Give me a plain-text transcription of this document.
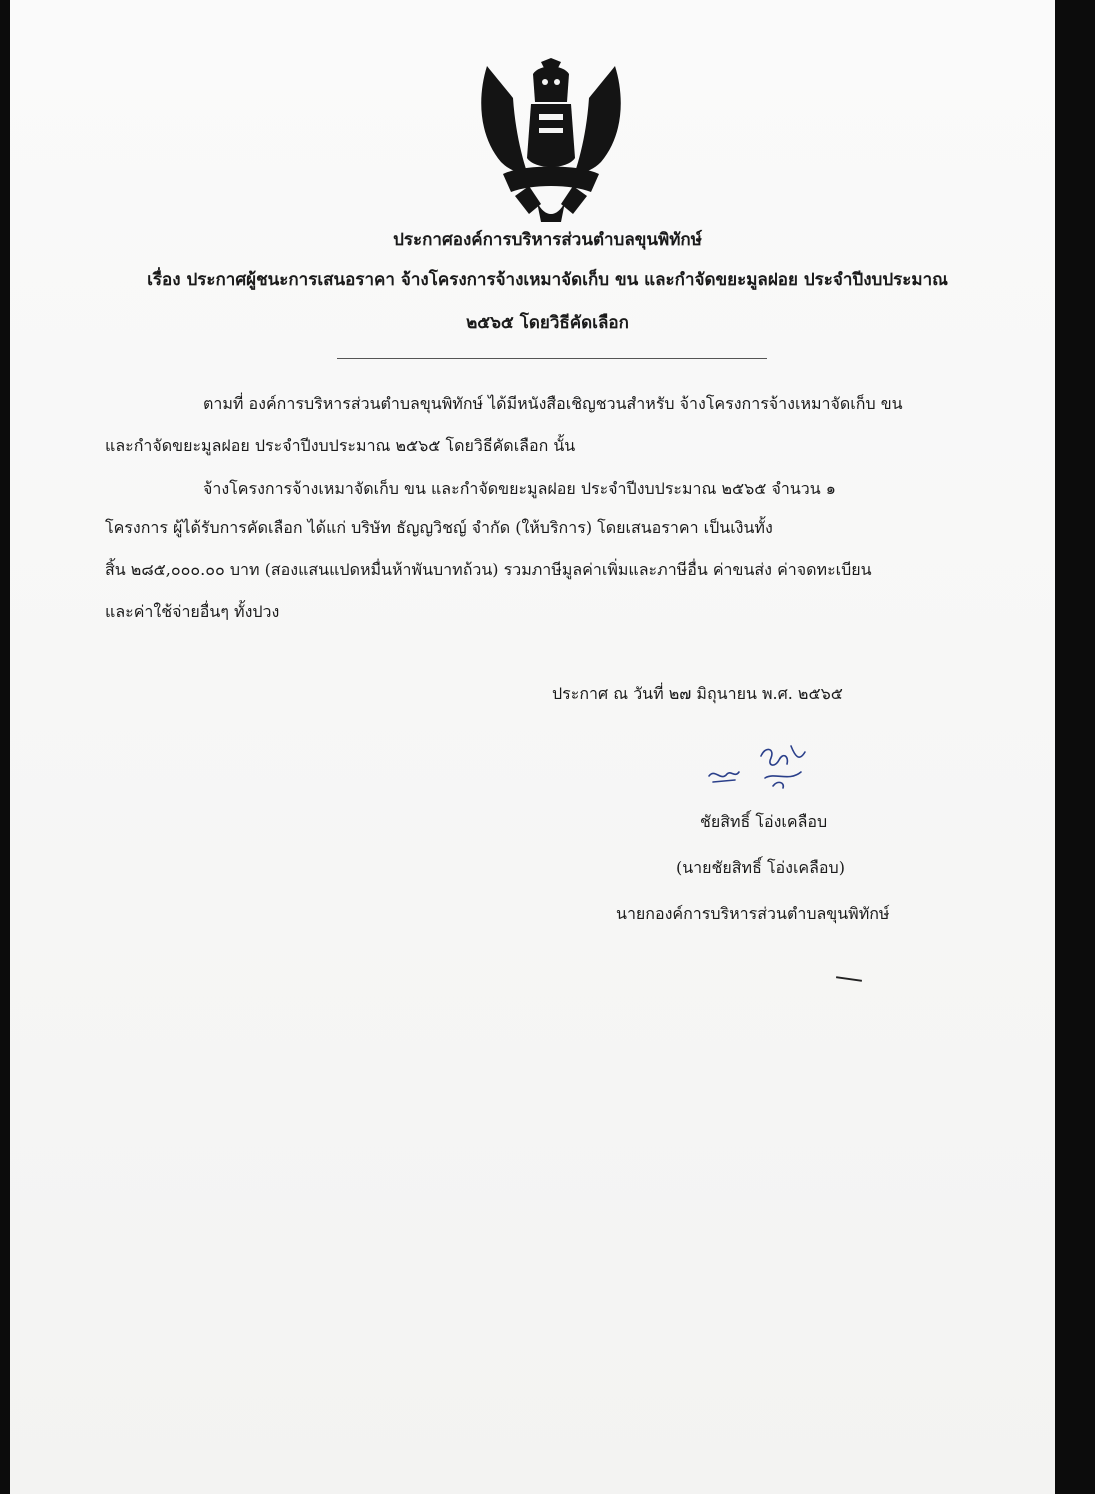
ประกาศองค์การบริหารส่วนตำบลขุนพิทักษ์
เรื่อง ประกาศผู้ชนะการเสนอราคา จ้างโครงการจ้างเหมาจัดเก็บ ขน และกำจัดขยะมูลฝอย ประจำปีงบประมาณ
๒๕๖๕ โดยวิธีคัดเลือก
ตามที่ องค์การบริหารส่วนตำบลขุนพิทักษ์ ได้มีหนังสือเชิญชวนสำหรับ จ้างโครงการจ้างเหมาจัดเก็บ ขน
และกำจัดขยะมูลฝอย ประจำปีงบประมาณ ๒๕๖๕ โดยวิธีคัดเลือก นั้น
จ้างโครงการจ้างเหมาจัดเก็บ ขน และกำจัดขยะมูลฝอย ประจำปีงบประมาณ ๒๕๖๕ จำนวน ๑
โครงการ ผู้ได้รับการคัดเลือก ได้แก่ บริษัท ธัญญวิชญ์ จำกัด (ให้บริการ) โดยเสนอราคา เป็นเงินทั้ง
สิ้น ๒๘๕,๐๐๐.๐๐ บาท (สองแสนแปดหมื่นห้าพันบาทถ้วน) รวมภาษีมูลค่าเพิ่มและภาษีอื่น ค่าขนส่ง ค่าจดทะเบียน
และค่าใช้จ่ายอื่นๆ ทั้งปวง
ประกาศ ณ วันที่ ๒๗ มิถุนายน พ.ศ. ๒๕๖๕
ชัยสิทธิ์ โอ่งเคลือบ
(นายชัยสิทธิ์ โอ่งเคลือบ)
นายกองค์การบริหารส่วนตำบลขุนพิทักษ์
